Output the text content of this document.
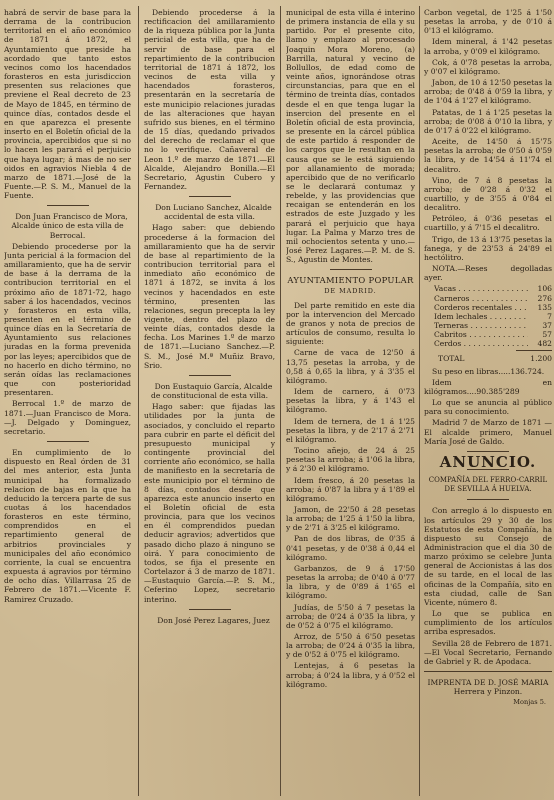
habrá de servir de base para la derrama de la contribucion territorial en el año económico de 1871 á 1872, el Ayuntamiento que preside ha acordado que tanto estos vecinos como los hacendados forasteros en esta jurisdiccion presenten sus relaciones que previene el Real decreto de 23 de Mayo de 1845, en término de quince días, contados desde el en que aparezca el presente inserto en el Boletín oficial de la provincia, apercibidos que si no lo hacen les parará el perjuicio que haya lugar; á mas de no ser oidos en agravios Niebla 4 de marzo de 1871.—José de la Fuente.—P. S. M., Manuel de la Fuente.

Don Juan Francisco de Mora, Alcalde único de esta villa de Berrocal.

Debiendo procederse por la Junta pericial á la formacion del amillaramiento, que ha de servir de base á la derrama de la contribucion territorial en el próximo año de 1871-72, hago saber á los hacendados, vecinos y forasteros en esta villa, presenten en el término de quince días en la Secretaría de Ayuntamiento sus relaciones juradas en la forma prevenida por las leyes; apercibidos que de no hacerlo en dicho término, no serán oídas las reclamaciones que con posterioridad presentaren.

Berrocal 1.º de marzo de 1871.—Juan Francisco de Mora.—J. Delgado y Dominguez, secretario.

En cumplimiento de lo dispuesto en Real órden de 31 del mes anterior, esta Junta municipal ha formalizado relacion de bajas en la que ha deducido la tercera parte de sus cuotas á los hacendados forasteros en este término, comprendidos en el repartimiento general de arbitrios provinciales y municipales del año económico corriente, la cual se encuentra expuesta á agravios por término de ocho días. Villarrasa 25 de Febrero de 1871.—Vicente F. Ramirez Cruzado.

Debiendo procederse á la rectificacion del amillaramiento de la riqueza pública por la Junta pericial de esta villa, que ha de servir de base para el repartimiento de la contribucion territorial de 1871 á 1872, los vecinos de esta villa y hacendados forasteros, presentarán en la secretaría de este municipio relaciones juradas de las alteraciones que hayan sufrido sus bienes, en el término de 15 días, quedando privados del derecho de reclamar el que no lo verifique. Cañaveral de Leon 1.º de marzo de 1871.—El Alcalde, Alejandro Bonilla.—El Secretario, Agustin Cubero y Fernandez.

Don Luciano Sanchez, Alcalde accidental de esta villa.

Hago saber: que debiendo procederse á la formacion del amillaramiento que ha de servir de base al repartimiento de la contribucion territorial para el inmediato año económico de 1871 á 1872, se invita á los vecinos y hacendados en este término, presenten las relaciones, segun precepta la ley vigente, dentro del plazo de veinte días, contados desde la fecha. Los Marines 1.º de marzo de 1871.—Luciano Sanchez.—P. S. M., José M.ª Muñiz Bravo, Srio.

Don Eustaquio García, Alcalde de constitucional de esta villa.

Hago saber: que fijadas las utilidades por la junta de asociados, y concluido el reparto para cubrir en parte el déficit del presupuesto municipal y contingente provincial del corriente año económico, se halla de manifiesto en la secretaría de este municipio por el término de 8 días, contados desde que aparezca este anuncio inserto en el Boletín oficial de esta provincia, para que los vecinos en él comprendidos puedan deducir agravios; advertidos que pasado dicho plazo á ninguno se oirá. Y para conocimiento de todos, se fija el presente en Cortelazor á 3 de marzo de 1871.—Eustaquio García.—P. S. M., Ceferino Lopez, secretario interino.

Don José Perez Lagares, Juez

municipal de esta villa é interino de primera instancia de ella y su partido. Por el presente cito, llamo y emplazo al procesado Joaquin Mora Moreno, (a) Barrilla, natural y vecino de Bollullos, de edad como de veinte años, ignorándose otras circunstancias, para que en el término de treinta días, contados desde el en que tenga lugar la insercion del presente en el Boletín oficial de esta provincia, se presente en la cárcel pública de este partido á responder de los cargos que le resultan en la causa que se le está siguiendo por allanamiento de morada; apercibido que de no verificarlo se le declarará contumaz y rebelde, y las providencias que recaigan se entenderán en los estrados de este Juzgado y les parará el perjuicio que haya lugar. La Palma y Marzo tres de mil ochocientos setenta y uno.—José Perez Lagares.—P. M. de S. S., Agustin de Montes.

AYUNTAMIENTO POPULAR

DE MADRID.

Del parte remitido en este dia por la intervencion del Mercado de granos y nota de precios de artículos de consumo, resulta lo siguiente:

Carne de vaca de 12'50 á 13,75 pesetas la arroba, y de 0,58 á 0,65 la libra, y á 3'35 el kilógramo.

Idem de carnero, á 0'73 pesetas la libra, y á 1'43 el kilógramo.

Idem de ternera, de 1 á 1'25 pesetas la libra, y de 2'17 á 2'71 el kilógramo.

Tocino añejo, de 24 á 25 pesetas la arroba; á 1'06 la libra, y á 2'30 el kilógramo.

Idem fresco, á 20 pesetas la arroba; á 0'87 la libra y á 1'89 el kilógramo.

Jamon, de 22'50 á 28 pesetas la arroba; de 1'25 á 1'50 la libra, y de 2'71 á 3'25 el kilógramo.

Pan de dos libras, de 0'35 á 0'41 pesetas, y de 0'38 á 0,44 el kilógramo.

Garbanzos, de 9 á 17'50 pesetas la arroba; de 0'40 á 0'77 la libra, y de 0'89 á 1'65 el kilógramo.

Judías, de 5'50 á 7 pesetas la arroba; de 0'24 á 0'35 la libra, y de 0'52 á 0'75 el kilógramo.

Arroz, de 5'50 á 6'50 pesetas la arroba; de 0'24 á 0'35 la libra, y de 0'52 á 0'75 el kilógramo.

Lentejas, á 6 pesetas la arroba; á 0'24 la libra, y á 0'52 el kilógramo.

Carbon vegetal, de 1'25 á 1'50 pesetas la arroba, y de 0'10 á 0'13 el kilógramo.

Idem mineral, á 1'42 pesetas la arroba, y 0'09 el kilógramo.

Cok, á 0'78 pesetas la arroba, y 0'07 el kilógramo.

Jabon, de 10 á 12'50 pesetas la arroba; de 0'48 á 0'59 la libra, y de 1'04 á 1'27 el kilógramo.

Patatas, de 1 á 1'25 pesetas la arroba; de 0'08 á 0'10 la libra, y de 0'17 á 0'22 el kilógramo.

Aceite, de 14'50 á 15'75 pesetas la arroba; de 0'50 á 0'59 la libra, y de 14'54 á 11'74 el decalitro.

Vino, de 7 á 8 pesetas la arroba; de 0'28 á 0'32 el cuartillo, y de 3'55 á 0'84 el decalitro.

Petróleo, á 0'36 pesetas el cuartillo, y á 7'15 el decalitro.

Trigo, de 13 á 13'75 pesetas la fanega, y de 23'53 á 24'89 el hectólitro.

NOTA.—Reses degolladas ayer.

Vacas . . .	106
Carneros . . .	276
Corderos recentales . . .	135
Idem lechales . . .	7
Terneras . . .	37
Cabritos . . .	57
Cerdos . . .	482
TOTAL	1.200

Su peso en libras.....136.724.

Idem en kilógramos....90.385'289

Lo que se anuncia al público para su conocimiento.

Madrid 7 de Marzo de 1871 — El alcalde primero, Manuel María José de Galdo.

ANUNCIO.

COMPAÑÍA DEL FERRO-CARRIL DE SEVILLA Á HUELVA.

Con arreglo á lo dispuesto en los artículos 29 y 30 de los Estatutos de esta Compañía, ha dispuesto su Consejo de Administracion que el dia 30 de marzo próximo se celebre Junta general de Accionistas á las dos de su tarde, en el local de las oficinas de la Compañía, sito en esta ciudad, calle de San Vicente, número 8.

Lo que se publica en cumplimiento de los artículos arriba espresados.

Sevilla 28 de Febrero de 1871.—El Vocal Secretario, Fernando de Gabriel y R. de Apodaca.

IMPRENTA DE D. JOSÉ MARIA Herrera y Pinzon.

Monjas 5.
